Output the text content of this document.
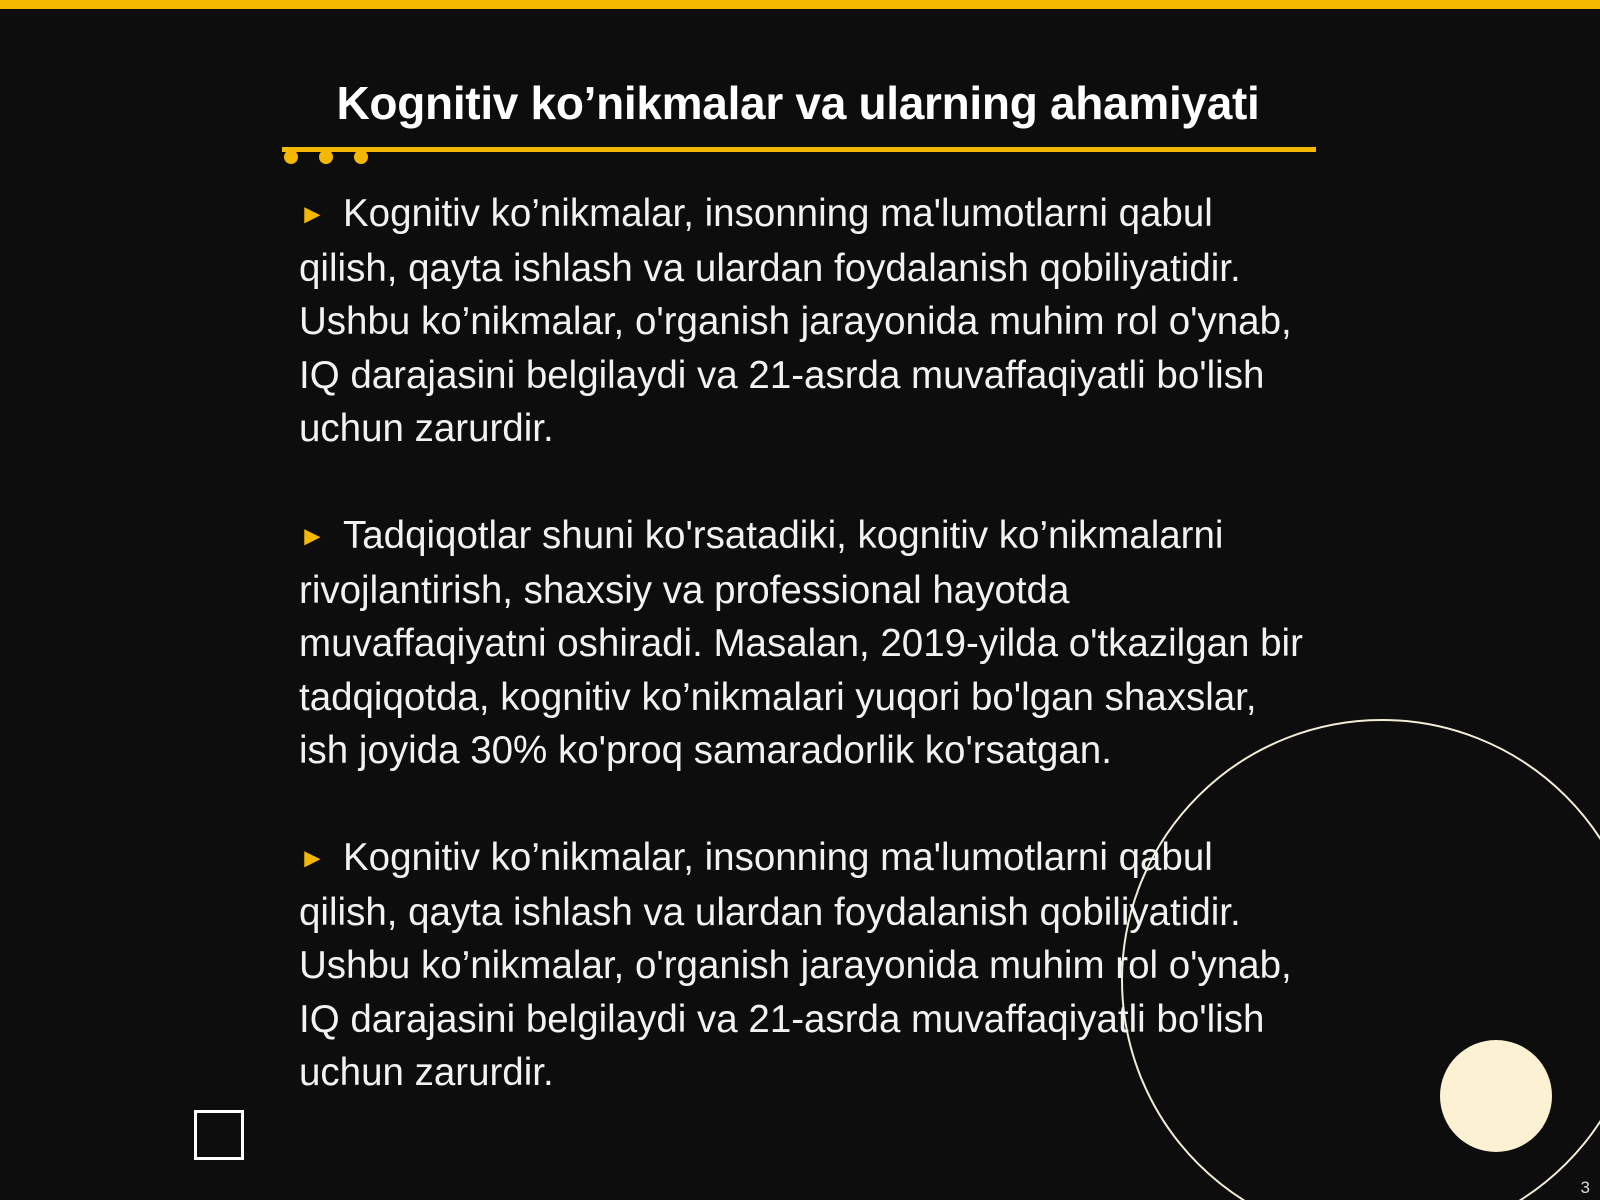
Kognitiv ko’nikmalar va ularning ahamiyati

► Kognitiv ko’nikmalar, insonning ma'lumotlarni qabul qilish, qayta ishlash va ulardan foydalanish qobiliyatidir. Ushbu ko’nikmalar, o'rganish jarayonida muhim rol o'ynab, IQ darajasini belgilaydi va 21-asrda muvaffaqiyatli bo'lish uchun zarurdir.

► Tadqiqotlar shuni ko'rsatadiki, kognitiv ko’nikmalarni rivojlantirish, shaxsiy va professional hayotda muvaffaqiyatni oshiradi. Masalan, 2019-yilda o'tkazilgan bir tadqiqotda, kognitiv ko’nikmalari yuqori bo'lgan shaxslar, ish joyida 30% ko'proq samaradorlik ko'rsatgan.

► Kognitiv ko’nikmalar, insonning ma'lumotlarni qabul qilish, qayta ishlash va ulardan foydalanish qobiliyatidir. Ushbu ko’nikmalar, o'rganish jarayonida muhim rol o'ynab, IQ darajasini belgilaydi va 21-asrda muvaffaqiyatli bo'lish uchun zarurdir.

3
